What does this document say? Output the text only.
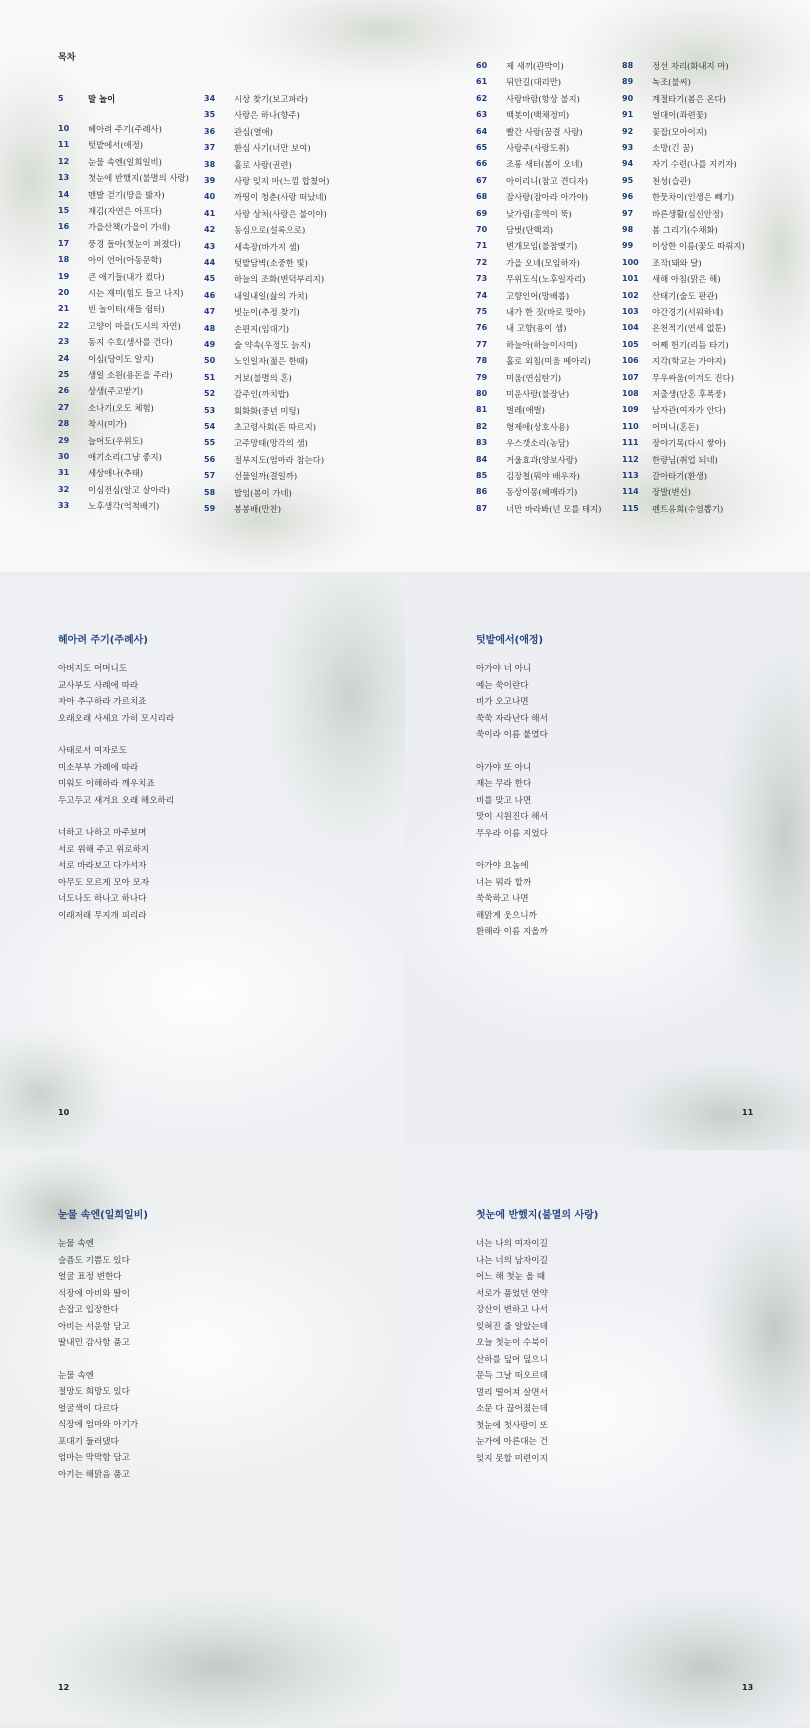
목차
5	말 놀이
10 헤아려 주기(주례사)
11 텃밭에서(애정)
12 눈물 속엔(일희일비)
13 첫눈에 반했지(불멸의 사랑)
14 맨발 걷기(땅을 밟자)
15 재김(자연은 아프다)
16 가을산책(가을이 가네)
17 풍경 돌아(첫눈이 퍼졌다)
18 아이 언어(아동문학)
19 큰 애기들(내가 컸다)
20 시는 재미(힘도 들고 나지)
21 빈 놀이터(새들 쉼터)
22 고양이 마을(도시의 자연)
23 동지 수호(생사를 건다)
24 이심(당이도 알지)
25 생일 소원(용돈을 주라)
26 상생(주고받기)
27 소나기(오도 체험)
28 착시(미가)
29 늘어도(우위도)
30 애기소리(그냥 좋지)
31 세상애나(추태)
32 이심전심(알고 살아라)
33 노후생각(억척배기)
34 시상 찾기(보고파라)
35 사랑은 하나(향주)
36 관심(열애)
37 환심 사기(너만 보여)
38 홀로 사랑(권련)
39 사랑 잊지 마(느낌 합쳤어)
40 까띵이 청춘(사랑 떠났네)
41 사랑 상처(사랑은 불이야)
42 동심으로(설록으로)
43 세속장(바가지 셈)
44 텃밭담벽(소중한 빛)
45 하늘의 조화(변덕부리지)
46 내일내일(삶의 가치)
47 빗눈이(추정 찾기)
48 손편지(임대기)
49 술 약속(우정도 늙지)
50 노인일자(젊은 한때)
51 거보(불멸의 혼)
52 감주인(까치밥)
53 회화화(중년 미팅)
54 초고령사회(돈 따르지)
55 고주망태(망각의 샘)
56 절부지도(엄마라 참는다)
57 선물일까(결일까)
58 밥임(봄이 가네)
59 봉봉배(만찬)
60 제 새끼(관박이)
61 뒤안길(대리만)
62 사랑바람(항상 불지)
63 백봇이(백채정미)
64 빨간 사랑(꿈결 사랑)
65 사랑주(사랑도취)
66 조롱 새터(봄이 오네)
67 아이리니(참고 견디자)
68 잠사랑(잠아라 아가야)
69 낮가림(홍역이 뚝)
70 담벗(단핵괴)
71 변개모임(불참맺기)
72 가을 오네(모임하자)
73 무위도식(노후일자리)
74 고향인어(망배롭)
75 내가 한 짓(바로 맞아)
76 내 고향(용이 샘)
77 하늘아(하늘이시여)
78 홀로 외침(미움 메아리)
79 미움(연심탄기)
80 미운사랑(불장난)
81 벌레(애벌)
82 형제애(상호사용)
83 우스갯소리(농담)
84 거울효과(양보사랑)
85 김장철(뭐야 배우자)
86 동상이몽(헤매라기)
87 너만 바라봐(넌 모를 테지)
88 정선 자리(화내지 마)
89 녹조(불씨)
90 계절타기(봄은 온다)
91 얼대이(좌련꽃)
92 꽃잡(모아이지)
93 소망(긴 꿈)
94 자기 수련(나를 지키자)
95 천성(습관)
96 한뭇차이(인생은 빼기)
97 바른생활(심신안정)
98 봄 그리기(수채화)
99 이상한 이름(꽃도 따뤄지)
100 조작(돼와 달)
101 새해 아침(맑은 해)
102 산태기(술도 판관)
103 야간경기(서워하네)
104 온천적기(연세 없툰)
105 어째 헌기(리듬 타기)
106 지각(학교는 가야지)
107 무우싸움(이겨도 진다)
108 저출생(단혼 후폭풍)
109 남자관(여자가 안다)
110 어머니(혼돈)
111 장야기목(다시 쌓아)
112 한량님(취업 되네)
113 갈아타기(환생)
114 장발(변신)
115 펜트유희(수염뽑기)
헤아려 주기(주례사)
아버지도 어머니도
교사부도 사례에 따라
자아 추구하라 가르치죠
오래오래 사세요 가히 모시리라
사태로서 여자로도
미소부부 가례에 따라
미워도 이해하라 깨우치죠
두고두고 새겨요 오래 해오하리
너하고 나하고 마주보며
서로 위해 주고 위로하지
서로 바라보고 다가서자
아무도 모르게 모아 모자
너도나도 하나고 하나다
이래저래 무지개 피리라
10
텃밭에서(애정)
아가야 너 아니
예는 쑥이란다
비가 오고나면
쑥쑥 자라난다 해서
쑥이라 이름 붙였다
아가야 또 아니
재는 무라 한다
비를 맞고 나면
맛이 시원진다 해서
무우라 이름 지었다
아가야 요놈에
너는 뭐라 할까
쑥쑥하고 나면
해맑게 웃으니까
환해라 이름 지올까
11
눈물 속엔(일희일비)
눈물 속엔
슬픔도 기쁨도 있다
얼굴 표정 변한다
식장에 아비와 딸이
손잡고 입장한다
아비는 서운함 담고
딸내민 감사함 품고
눈물 속엔
절망도 희망도 있다
얼굴색이 다르다
식장에 엄마와 아기가
포대기 둘러댔다
엄마는 막막함 담고
아기는 해맑음 품고
12
첫눈에 반했지(불멸의 사랑)
너는 나의 여자이길
나는 너의 남자이길
어느 해 첫눈 올 때
서로가 품었던 연약
강산이 변하고 나서
잊혀진 줄 알았는데
오늘 첫눈이 수북이
산하를 덮어 덮으니
문득 그날 떠오르데
멀리 떨어져 살면서
소문 다 끊어졌는데
첫눈에 첫사랑이 또
눈가에 아른대는 건
잊지 못할 미련이지
13
